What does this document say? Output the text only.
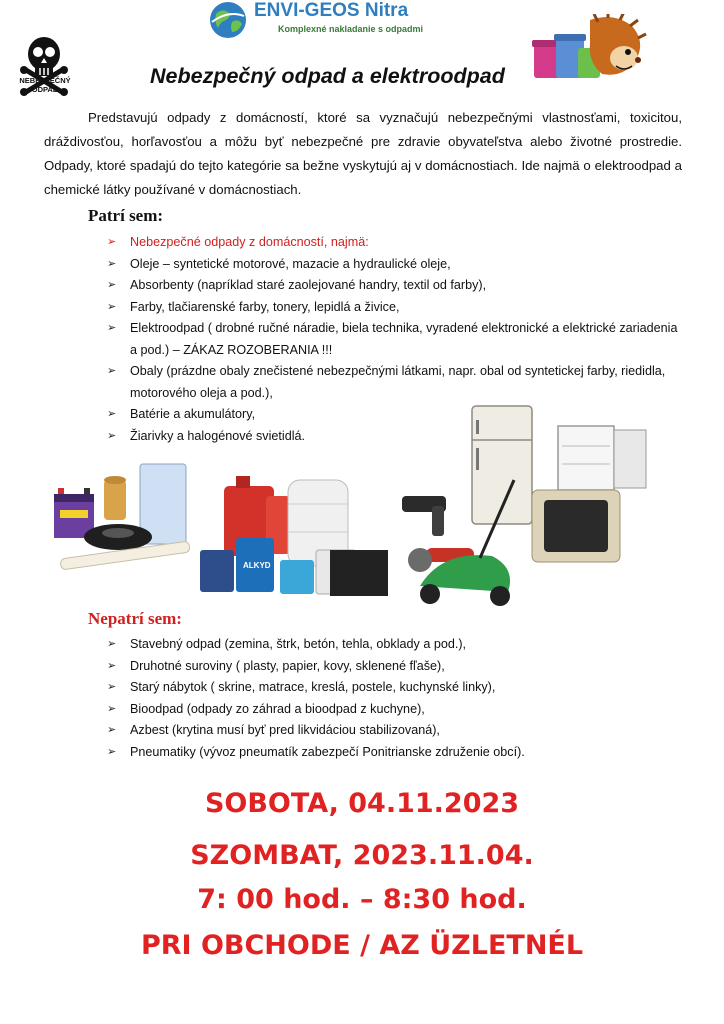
ENVI-GEOS Nitra
Komplexné nakladanie s odpadmi
NEBEZPEČNÝ
ODPAD
Nebezpečný odpad a elektroodpad

Predstavujú odpady z domácností, ktoré sa vyznačujú nebezpečnými vlastnosťami, toxicitou, dráždivosťou, horľavosťou a môžu byť nebezpečné pre zdravie obyvateľstva alebo životné prostredie. Odpady, ktoré spadajú do tejto kategórie sa bežne vyskytujú aj v domácnostiach. Ide najmä o elektroodpad a chemické látky používané v domácnostiach.

Patrí sem:
➢ Nebezpečné odpady z domácností, najmä:
➢ Oleje – syntetické motorové, mazacie a hydraulické oleje,
➢ Absorbenty (napríklad staré zaolejované handry, textil od farby),
➢ Farby, tlačiarenské farby, tonery, lepidlá a živice,
➢ Elektroodpad ( drobné ručné náradie, biela technika, vyradené elektronické a elektrické zariadenia a pod.) – ZÁKAZ ROZOBERANIA !!!
➢ Obaly (prázdne obaly znečistené nebezpečnými látkami, napr. obal od syntetickej farby, riedidla, motorového oleja a pod.),
➢ Batérie a akumulátory,
➢ Žiarivky a halogénové svietidlá.
ALKYD
Nepatrí sem:
➢ Stavebný odpad (zemina, štrk, betón, tehla, obklady a pod.),
➢ Druhotné suroviny ( plasty, papier, kovy, sklenené fľaše),
➢ Starý nábytok ( skrine, matrace, kreslá, postele, kuchynské linky),
➢ Bioodpad (odpady zo záhrad a bioodpad z kuchyne),
➢ Azbest (krytina musí byť pred likvidáciou stabilizovaná),
➢ Pneumatiky (vývoz pneumatík zabezpečí Ponitrianske združenie obcí).
SOBOTA, 04.11.2023
SZOMBAT, 2023.11.04.
7: 00 hod. – 8:30 hod.
PRI OBCHODE / AZ ÜZLETNÉL
